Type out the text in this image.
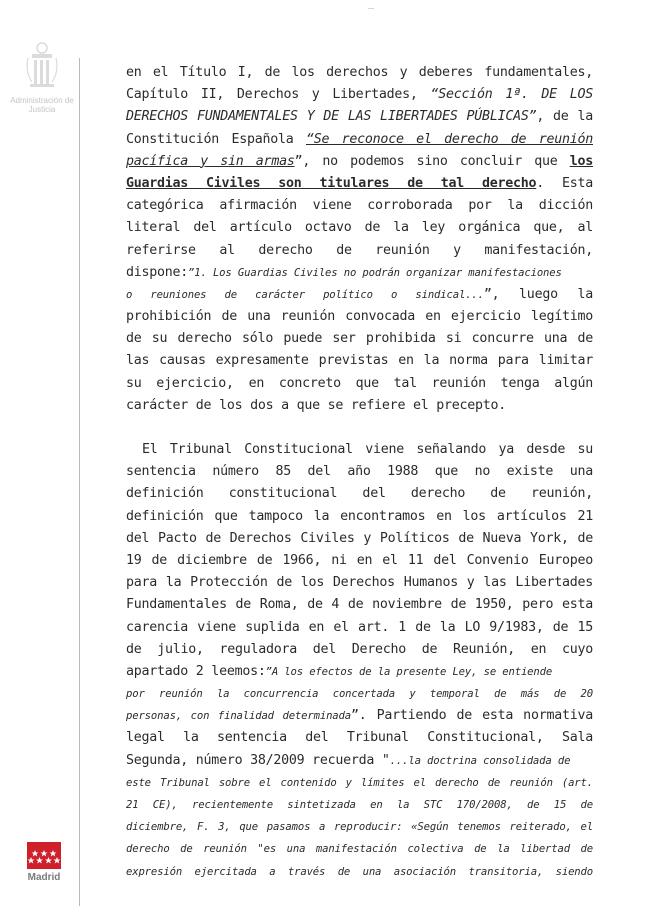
Administración de Justicia
Madrid
en el Título I, de los derechos y deberes fundamentales,
Capítulo II, Derechos y Libertades, “Sección 1ª. DE LOS
DERECHOS FUNDAMENTALES Y DE LAS LIBERTADES PÚBLICAS”, de la
Constitución Española “Se reconoce el derecho de reunión
pacífica y sin armas”, no podemos sino concluir que los
Guardias Civiles son titulares de tal derecho. Esta
categórica afirmación viene corroborada por la dicción
literal del artículo octavo de la ley orgánica que, al
referirse al derecho de reunión y manifestación,
dispone:”1. Los Guardias Civiles no podrán organizar manifestaciones
o reuniones de carácter político o sindical...”, luego la
prohibición de una reunión convocada en ejercicio legítimo
de su derecho sólo puede ser prohibida si concurre una de
las causas expresamente previstas en la norma para limitar
su ejercicio, en concreto que tal reunión tenga algún
carácter de los dos a que se refiere el precepto.
El Tribunal Constitucional viene señalando ya desde su
sentencia número 85 del año 1988 que no existe una
definición constitucional del derecho de reunión,
definición que tampoco la encontramos en los artículos 21
del Pacto de Derechos Civiles y Políticos de Nueva York, de
19 de diciembre de 1966, ni en el 11 del Convenio Europeo
para la Protección de los Derechos Humanos y las Libertades
Fundamentales de Roma, de 4 de noviembre de 1950, pero esta
carencia viene suplida en el art. 1 de la LO 9/1983, de 15
de julio, reguladora del Derecho de Reunión, en cuyo
apartado 2 leemos:”A los efectos de la presente Ley, se entiende
por reunión la concurrencia concertada y temporal de más de 20
personas, con finalidad determinada”. Partiendo de esta normativa
legal la sentencia del Tribunal Constitucional, Sala
Segunda, número 38/2009 recuerda "...la doctrina consolidada de
este Tribunal sobre el contenido y límites el derecho de reunión (art.
21 CE), recientemente sintetizada en la STC 170/2008, de 15 de
diciembre, F. 3, que pasamos a reproducir: «Según tenemos reiterado, el
derecho de reunión "es una manifestación colectiva de la libertad de
expresión ejercitada a través de una asociación transitoria, siendo
